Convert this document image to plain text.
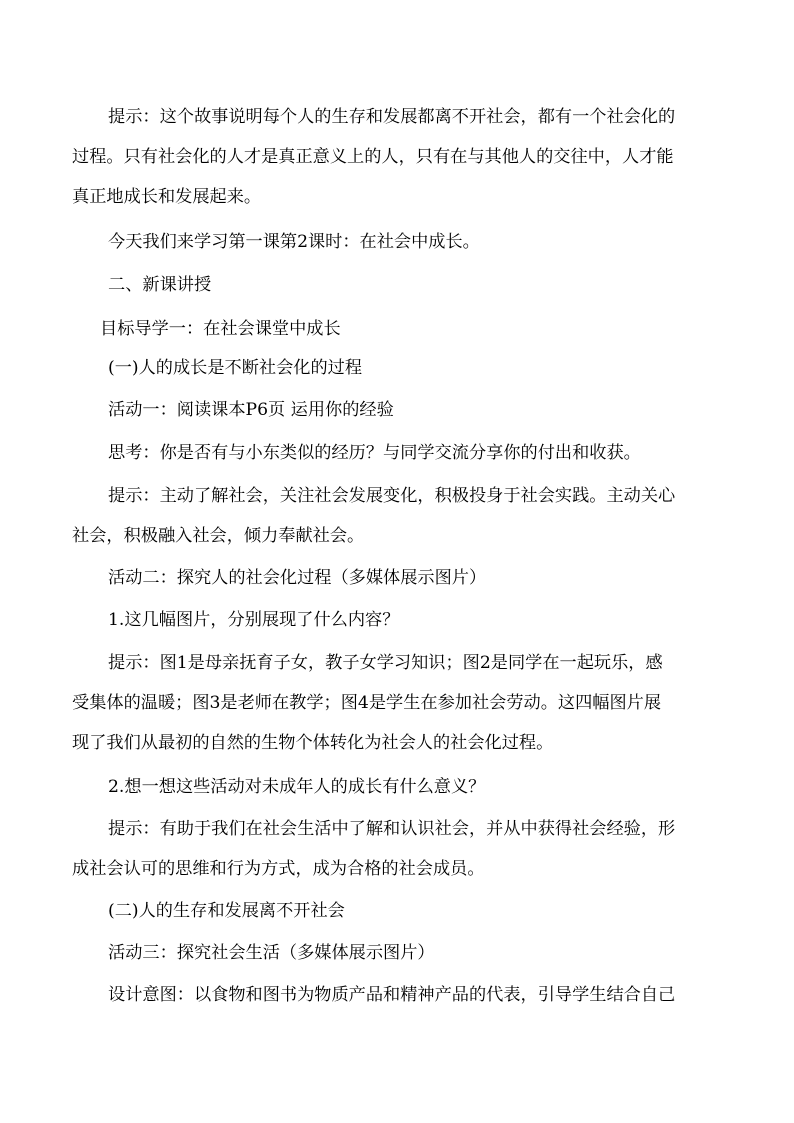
提示：这个故事说明每个人的生存和发展都离不开社会，都有一个社会化的
过程。只有社会化的人才是真正意义上的人，只有在与其他人的交往中，人才能
真正地成长和发展起来。
今天我们来学习第一课第2课时：在社会中成长。
二、新课讲授
目标导学一：在社会课堂中成长
(一)人的成长是不断社会化的过程
活动一：阅读课本P6页 运用你的经验
思考：你是否有与小东类似的经历？与同学交流分享你的付出和收获。
提示：主动了解社会，关注社会发展变化，积极投身于社会实践。主动关心
社会，积极融入社会，倾力奉献社会。
活动二：探究人的社会化过程（多媒体展示图片）
1.这几幅图片，分别展现了什么内容？
提示：图1是母亲抚育子女，教子女学习知识；图2是同学在一起玩乐，感
受集体的温暖；图3是老师在教学；图4是学生在参加社会劳动。这四幅图片展
现了我们从最初的自然的生物个体转化为社会人的社会化过程。
2.想一想这些活动对未成年人的成长有什么意义？
提示：有助于我们在社会生活中了解和认识社会，并从中获得社会经验，形
成社会认可的思维和行为方式，成为合格的社会成员。
(二)人的生存和发展离不开社会
活动三：探究社会生活（多媒体展示图片）
设计意图：以食物和图书为物质产品和精神产品的代表，引导学生结合自己
